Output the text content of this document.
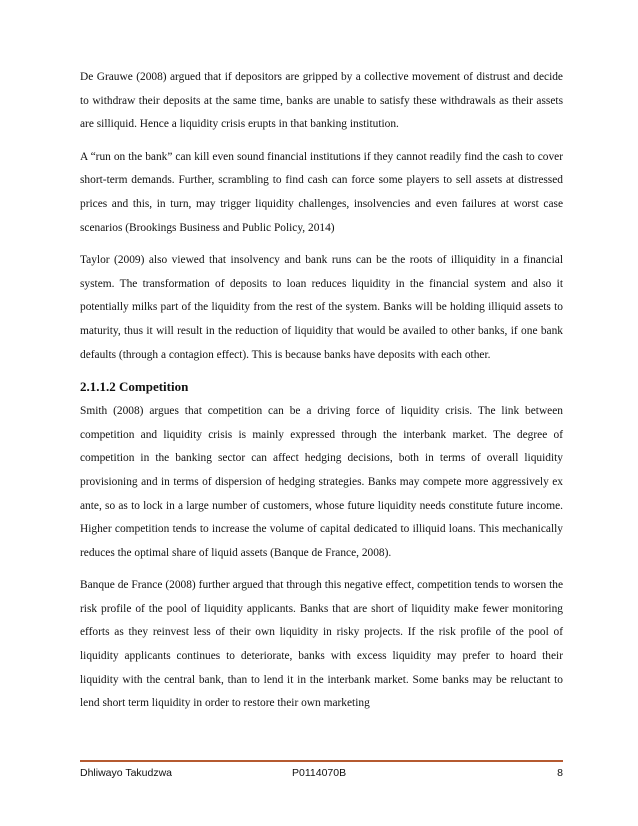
De Grauwe (2008) argued that if depositors are gripped by a collective movement of distrust and decide to withdraw their deposits at the same time, banks are unable to satisfy these withdrawals as their assets are silliquid. Hence a liquidity crisis erupts in that banking institution.

A “run on the bank” can kill even sound financial institutions if they cannot readily find the cash to cover short-term demands. Further, scrambling to find cash can force some players to sell assets at distressed prices and this, in turn, may trigger liquidity challenges, insolvencies and even failures at worst case scenarios (Brookings Business and Public Policy, 2014)

Taylor (2009) also viewed that insolvency and bank runs can be the roots of illiquidity in a financial system. The transformation of deposits to loan reduces liquidity in the financial system and also it potentially milks part of the liquidity from the rest of the system. Banks will be holding illiquid assets to maturity, thus it will result in the reduction of liquidity that would be availed to other banks, if one bank defaults (through a contagion effect). This is because banks have deposits with each other.

2.1.1.2 Competition

Smith (2008) argues that competition can be a driving force of liquidity crisis. The link between competition and liquidity crisis is mainly expressed through the interbank market. The degree of competition in the banking sector can affect hedging decisions, both in terms of overall liquidity provisioning and in terms of dispersion of hedging strategies. Banks may compete more aggressively ex ante, so as to lock in a large number of customers, whose future liquidity needs constitute future income. Higher competition tends to increase the volume of capital dedicated to illiquid loans. This mechanically reduces the optimal share of liquid assets (Banque de France, 2008).

Banque de France (2008) further argued that through this negative effect, competition tends to worsen the risk profile of the pool of liquidity applicants. Banks that are short of liquidity make fewer monitoring efforts as they reinvest less of their own liquidity in risky projects. If the risk profile of the pool of liquidity applicants continues to deteriorate, banks with excess liquidity may prefer to hoard their liquidity with the central bank, than to lend it in the interbank market. Some banks may be reluctant to lend short term liquidity in order to restore their own marketing

Dhliwayo Takudzwa	P0114070B	8
